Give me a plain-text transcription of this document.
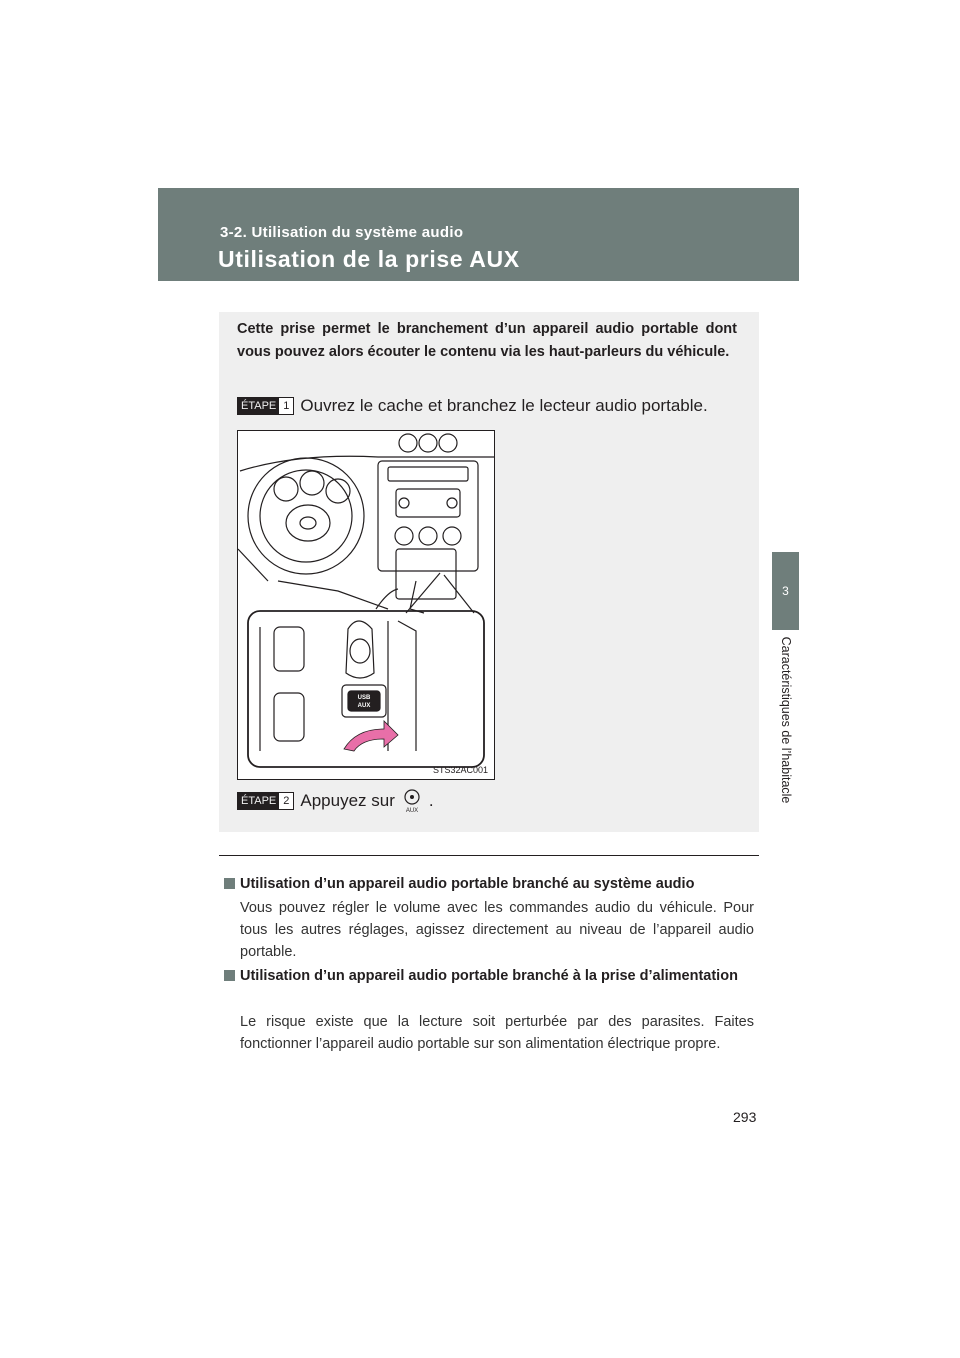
3-2. Utilisation du système audio
Utilisation de la prise AUX
3
Caractéristiques de l’habitacle
Cette prise permet le branchement d’un appareil audio portable dont vous pouvez alors écouter le contenu via les haut-parleurs du véhicule.
ÉTAPE 1 Ouvrez le cache et branchez le lecteur audio portable.
USB
AUX
STS32AC001
ÉTAPE 2 Appuyez sur
AUX
.
Utilisation d’un appareil audio portable branché au système audio
Vous pouvez régler le volume avec les commandes audio du véhicule. Pour tous les autres réglages, agissez directement au niveau de l’appareil audio portable.
Utilisation d’un appareil audio portable branché à la prise d’alimentation
Le risque existe que la lecture soit perturbée par des parasites. Faites fonctionner l’appareil audio portable sur son alimentation électrique propre.
293
